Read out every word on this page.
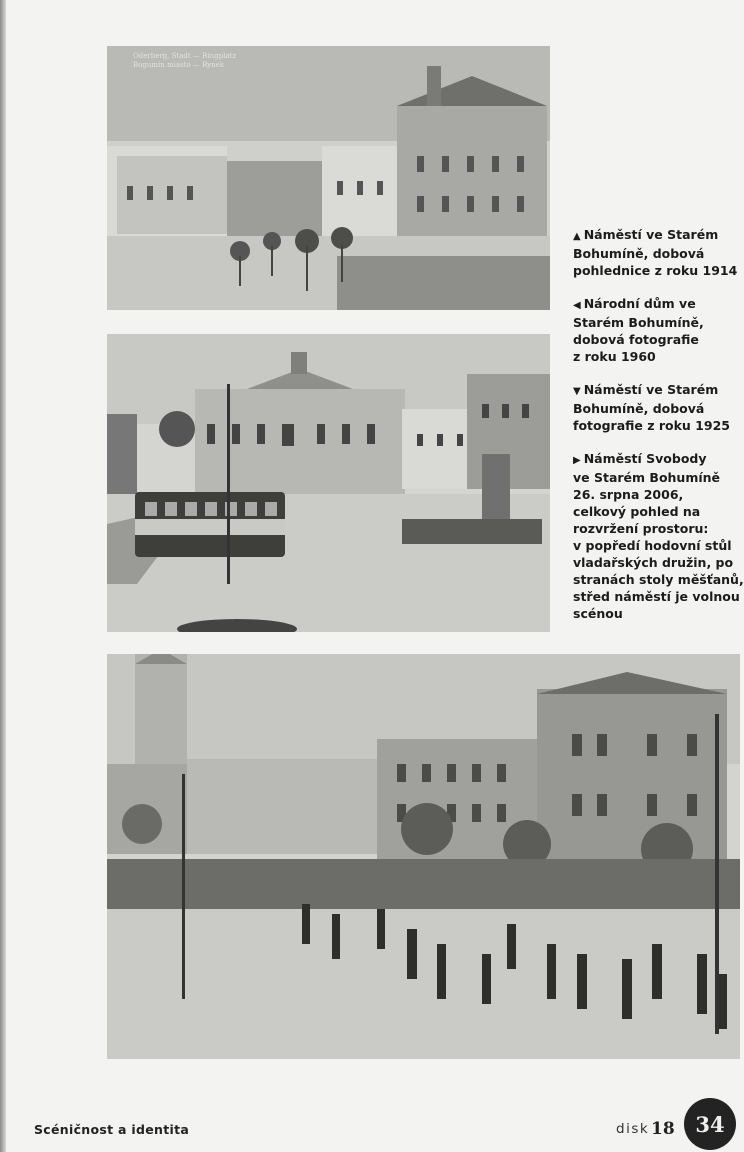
Oderberg, Stadt — Ringplatz
Bogumin miasto — Rynek
▲ Náměstí ve Starém
Bohumíně, dobová
pohlednice z roku 1914
◀ Národní dům ve
Starém Bohumíně,
dobová fotografie
z roku 1960
▼ Náměstí ve Starém
Bohumíně, dobová
fotografie z roku 1925
▶ Náměstí Svobody
ve Starém Bohumíně
26. srpna 2006,
celkový pohled na
rozvržení prostoru:
v popředí hodovní stůl
vladařských družin, po
stranách stoly měšťanů,
střed náměstí je volnou
scénou
Scéničnost a identita	disk 18 34
